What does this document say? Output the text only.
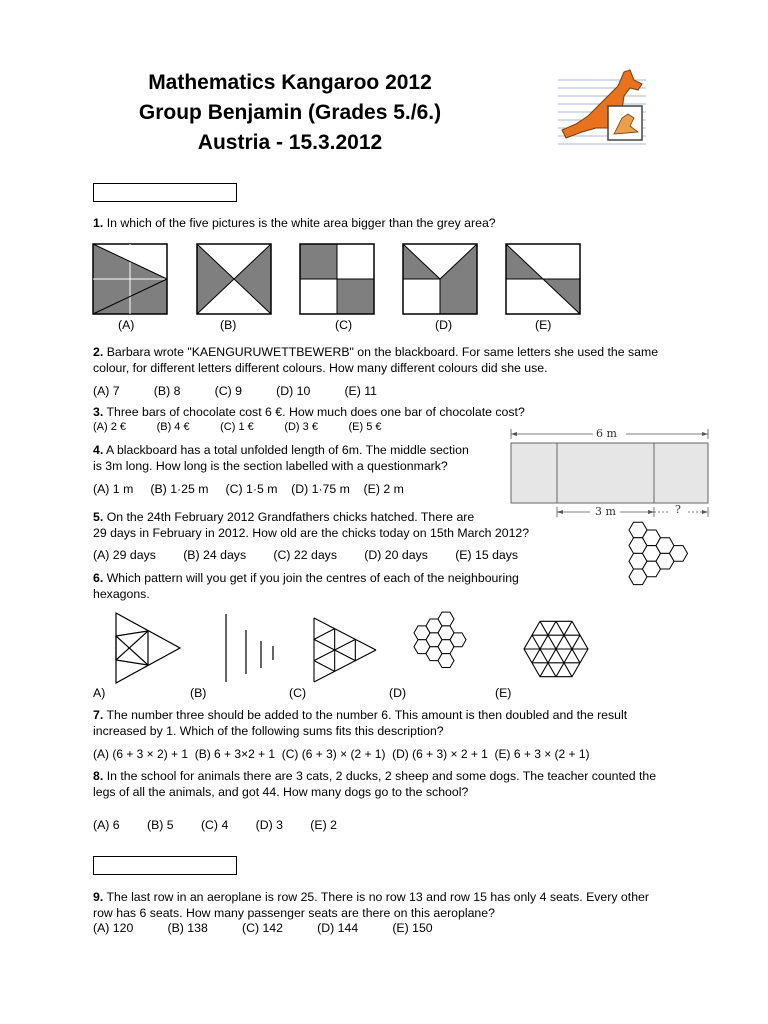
Mathematics Kangaroo 2012
Group Benjamin (Grades 5./6.)
Austria - 15.3.2012
1. In which of the five pictures is the white area bigger than the grey area?
(A)	(B)	(C)	(D)	(E)
2. Barbara wrote "KAENGURUWETTBEWERB" on the blackboard. For same letters she used the same
colour, for different letters different colours. How many different colours did she use.
(A) 7          (B) 8          (C) 9          (D) 10          (E) 11
3. Three bars of chocolate cost 6 €. How much does one bar of chocolate cost?
(A) 2 €          (B) 4 €          (C) 1 €          (D) 3 €          (E) 5 €
4. A blackboard has a total unfolded length of 6m. The middle section
is 3m long. How long is the section labelled with a questionmark?
(A) 1 m     (B) 1·25 m     (C) 1·5 m    (D) 1·75 m    (E) 2 m
6 m
3 m	?
5. On the 24th February 2012 Grandfathers chicks hatched. There are
29 days in February in 2012. How old are the chicks today on 15th March 2012?
(A) 29 days        (B) 24 days        (C) 22 days        (D) 20 days        (E) 15 days
6. Which pattern will you get if you join the centres of each of the neighbouring
hexagons.
A)	(B)	(C)	(D)	(E)
7. The number three should be added to the number 6. This amount is then doubled and the result
increased by 1. Which of the following sums fits this description?
(A) (6 + 3 × 2) + 1  (B) 6 + 3×2 + 1  (C) (6 + 3) × (2 + 1)  (D) (6 + 3) × 2 + 1  (E) 6 + 3 × (2 + 1)
8. In the school for animals there are 3 cats, 2 ducks, 2 sheep and some dogs. The teacher counted the
legs of all the animals, and got 44. How many dogs go to the school?
(A) 6        (B) 5        (C) 4        (D) 3        (E) 2
9. The last row in an aeroplane is row 25. There is no row 13 and row 15 has only 4 seats. Every other
row has 6 seats. How many passenger seats are there on this aeroplane?
(A) 120          (B) 138          (C) 142          (D) 144          (E) 150
